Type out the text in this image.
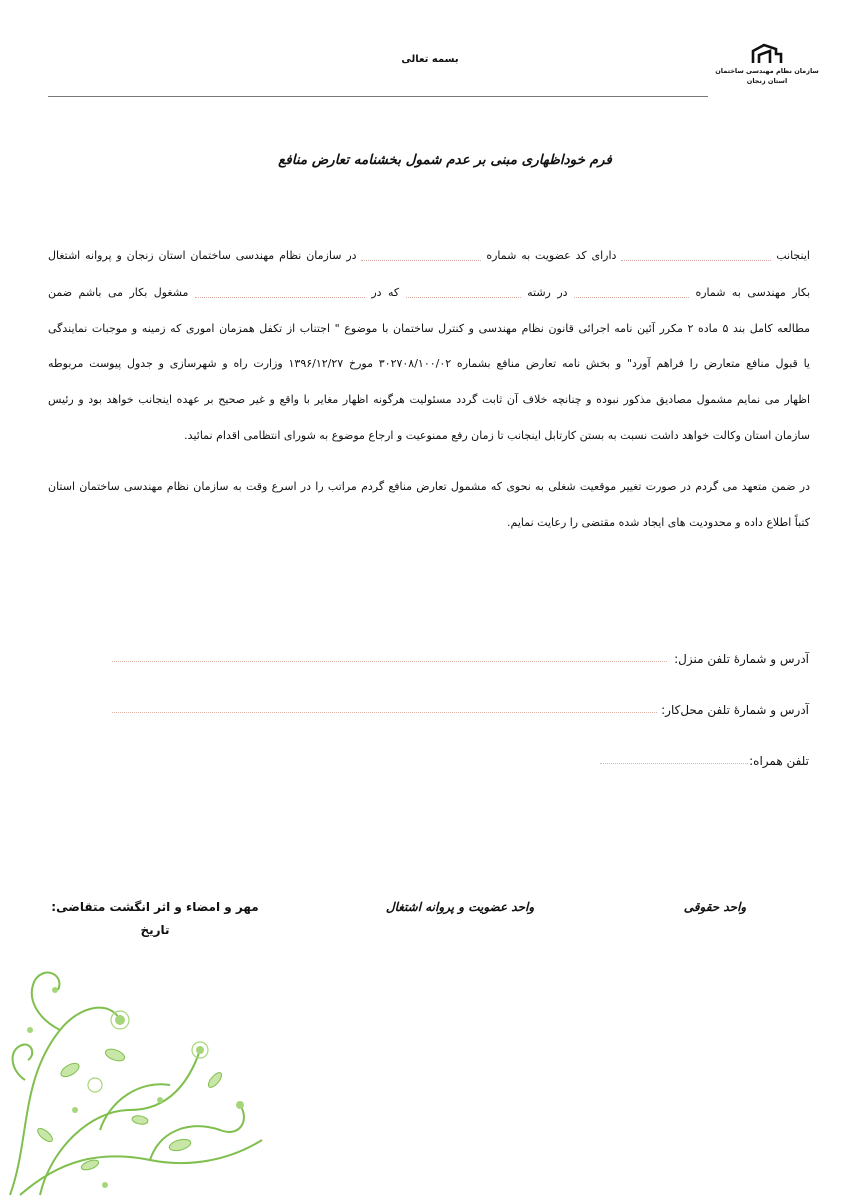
سازمان نظام مهندسی ساختمان
استان زنجان
بسمه تعالی
فرم خوداظهاری مبنی بر عدم شمول بخشنامه تعارض منافع
اینجانب  دارای کد عضویت به شماره  در سازمان نظام مهندسی ساختمان استان زنجان و پروانه اشتغال
بکار مهندسی به شماره  در رشته  که در  مشغول بکار می باشم ضمن
مطالعه کامل بند ۵ ماده ۲ مکرر آئین نامه اجرائی قانون نظام مهندسی و کنترل ساختمان با موضوع " اجتناب از تکفل همزمان اموری که زمینه و موجبات نمایندگی
یا قبول منافع متعارض را فراهم آورد" و بخش نامه تعارض منافع بشماره ۳۰۲۷۰۸/۱۰۰/۰۲ مورخ ۱۳۹۶/۱۲/۲۷ وزارت راه و شهرسازی و جدول پیوست مربوطه
اظهار می نمایم مشمول مصادیق مذکور نبوده و چنانچه خلاف آن ثابت گردد مسئولیت هرگونه اظهار مغایر با واقع و غیر صحیح بر عهده اینجانب خواهد بود و رئیس
سازمان استان وکالت خواهد داشت نسبت به بستن کارتابل اینجانب تا زمان رفع ممنوعیت و ارجاع موضوع به شورای انتظامی اقدام نمائید.
در ضمن متعهد می گردم در صورت تغییر موقعیت شغلی به نحوی که مشمول تعارض منافع گردم مراتب را در اسرع وقت به سازمان نظام مهندسی ساختمان استان
کتباً اطلاع داده و محدودیت های ایجاد شده مقتضی را رعایت نمایم.
آدرس و شمارهٔ تلفن منزل:
آدرس و شمارهٔ تلفن محل‌کار:
تلفن همراه:
واحد حقوقی
واحد عضویت و پروانه اشتغال
مهر و امضاء و اثر انگشت متقاضی:
تاریخ
